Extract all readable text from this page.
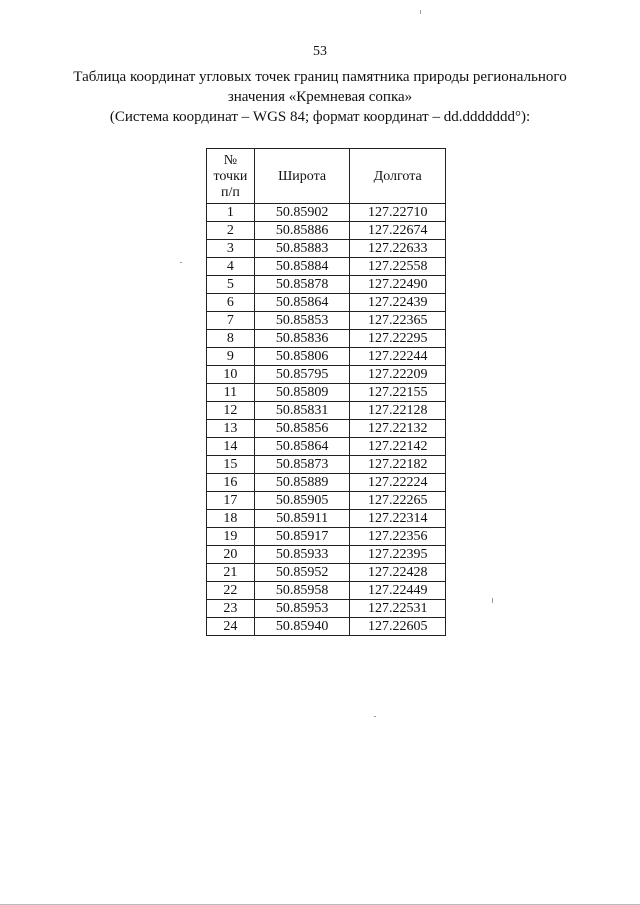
53
Таблица координат угловых точек границ памятника природы регионального
значения «Кремневая сопка»
(Система координат – WGS 84; формат координат – dd.ddddddd°):
№
точки
п/п	Широта	Долгота
1	50.85902	127.22710
2	50.85886	127.22674
3	50.85883	127.22633
4	50.85884	127.22558
5	50.85878	127.22490
6	50.85864	127.22439
7	50.85853	127.22365
8	50.85836	127.22295
9	50.85806	127.22244
10	50.85795	127.22209
11	50.85809	127.22155
12	50.85831	127.22128
13	50.85856	127.22132
14	50.85864	127.22142
15	50.85873	127.22182
16	50.85889	127.22224
17	50.85905	127.22265
18	50.85911	127.22314
19	50.85917	127.22356
20	50.85933	127.22395
21	50.85952	127.22428
22	50.85958	127.22449
23	50.85953	127.22531
24	50.85940	127.22605
